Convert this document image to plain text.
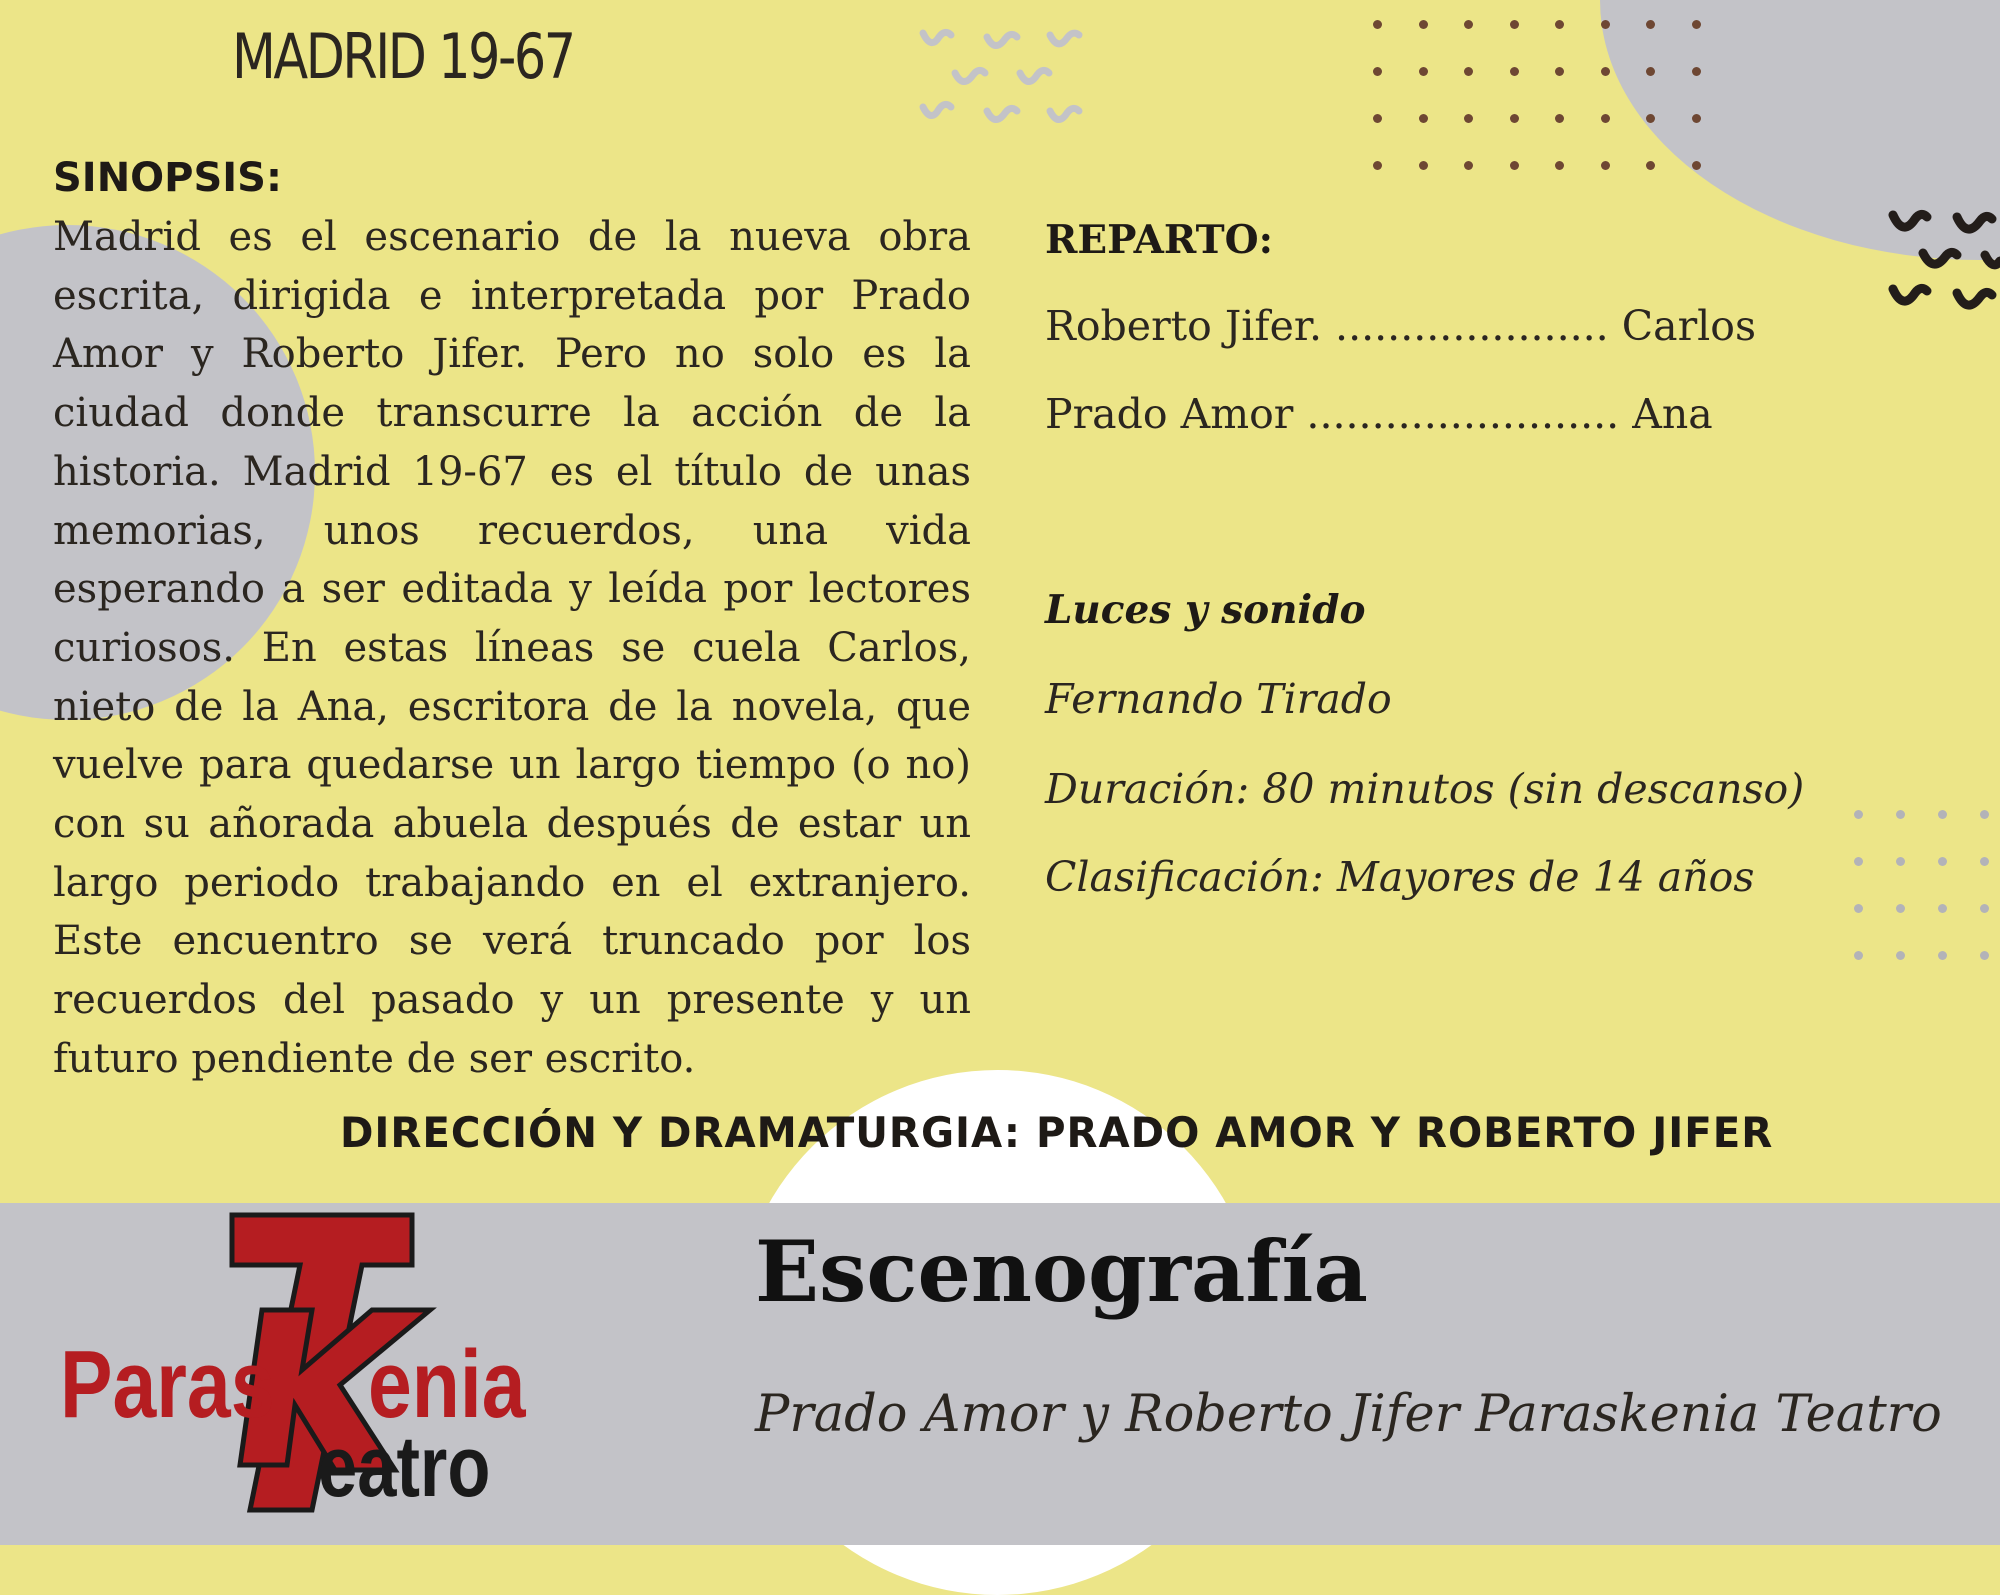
MADRID 19-67
SINOPSIS:
Madrid es el escenario de la nueva obra escrita, dirigida e interpretada por Prado Amor y Roberto Jifer. Pero no solo es la ciudad donde transcurre la acción de la historia. Madrid 19-67 es el título de unas memorias, unos recuerdos, una vida esperando a ser editada y leída por lectores curiosos. En estas líneas se cuela Carlos, nieto de la Ana, escritora de la novela, que vuelve para quedarse un largo tiempo (o no) con su añorada abuela después de estar un largo periodo trabajando en el extranjero. Este encuentro se verá truncado por los recuerdos del pasado y un presente y un futuro pendiente de ser escrito.
REPARTO:
Roberto Jifer. ..................... Carlos
Prado Amor ........................ Ana
Luces y sonido
Fernando Tirado
Duración: 80 minutos (sin descanso)
Clasificación: Mayores de 14 años
DIRECCIÓN Y DRAMATURGIA: PRADO AMOR Y ROBERTO JIFER
Paras enia
eatro
Escenografía
Prado Amor y Roberto Jifer Paraskenia Teatro
